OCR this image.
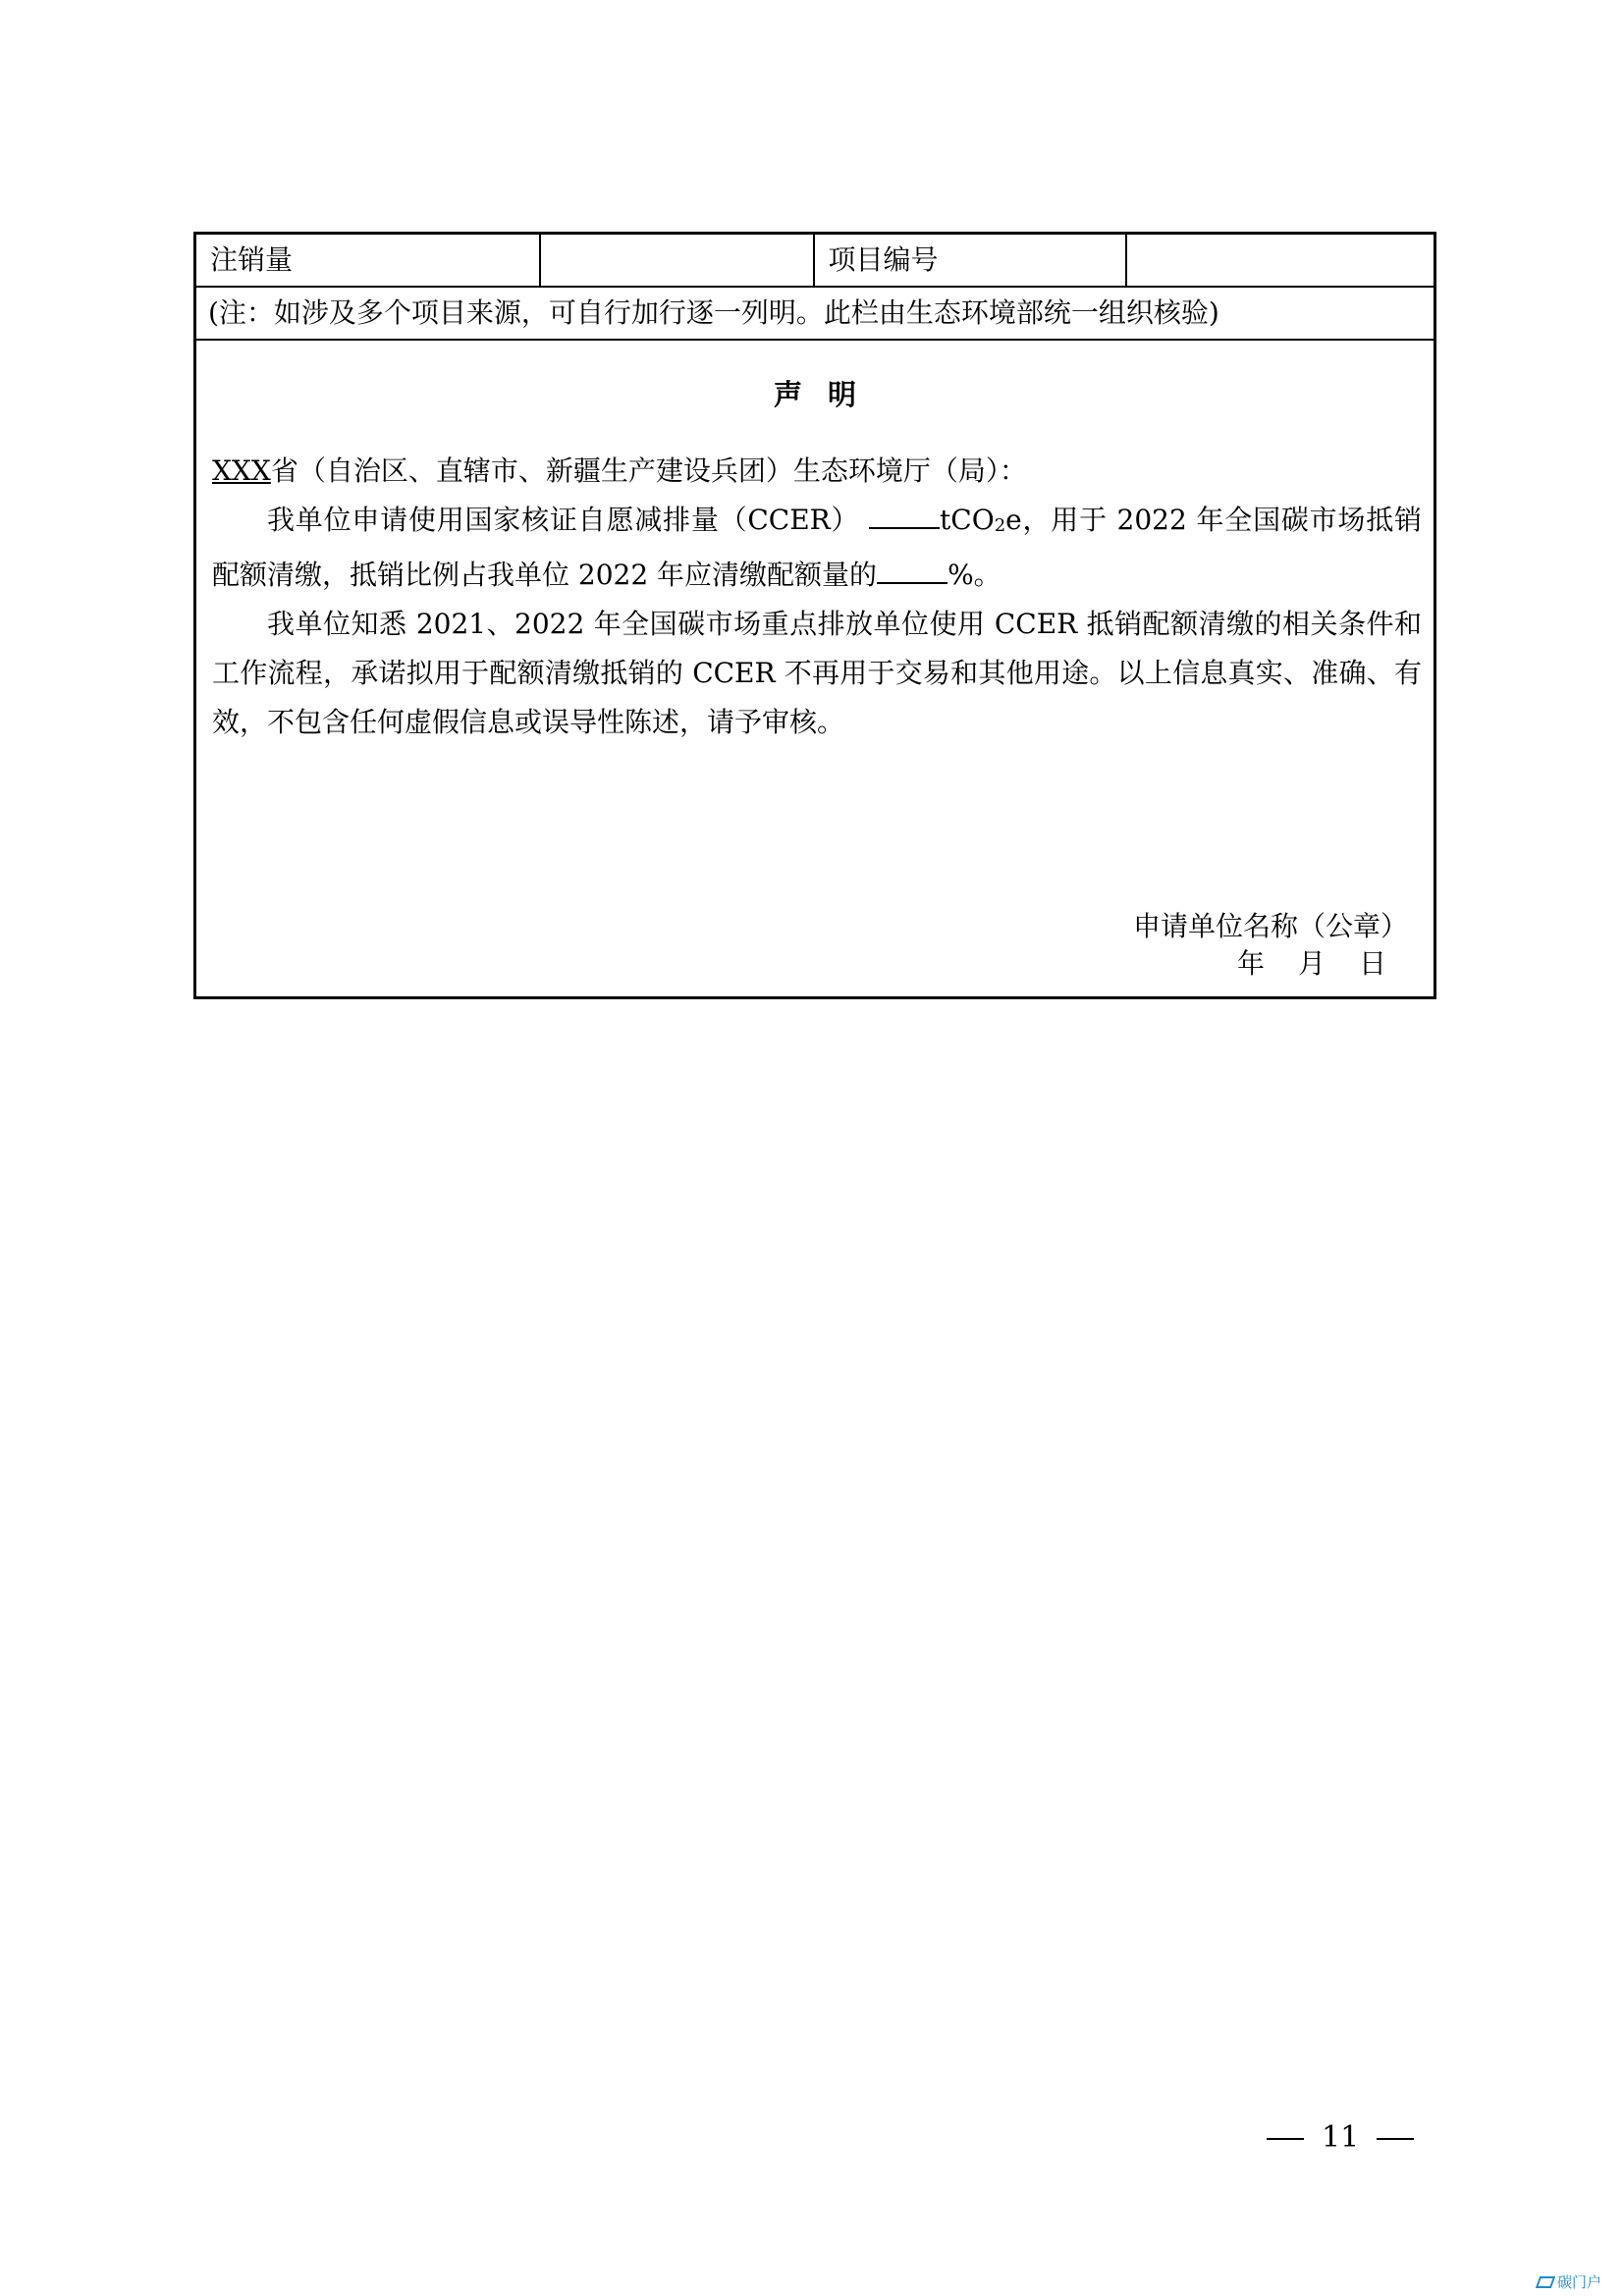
注销量		项目编号	
(注：如涉及多个项目来源，可自行加行逐一列明。此栏由生态环境部统一组织核验)

声明

XXX省（自治区、直辖市、新疆生产建设兵团）生态环境厅（局）：

我单位申请使用国家核证自愿减排量（CCER）	tCO2e，用于 2022 年全国碳市场抵销配额清缴，抵销比例占我单位 2022 年应清缴配额量的	%。

我单位知悉 2021、2022 年全国碳市场重点排放单位使用 CCER 抵销配额清缴的相关条件和工作流程，承诺拟用于配额清缴抵销的 CCER 不再用于交易和其他用途。以上信息真实、准确、有效，不包含任何虚假信息或误导性陈述，请予审核。

申请单位名称（公章）
年 月 日
11
碳门户
